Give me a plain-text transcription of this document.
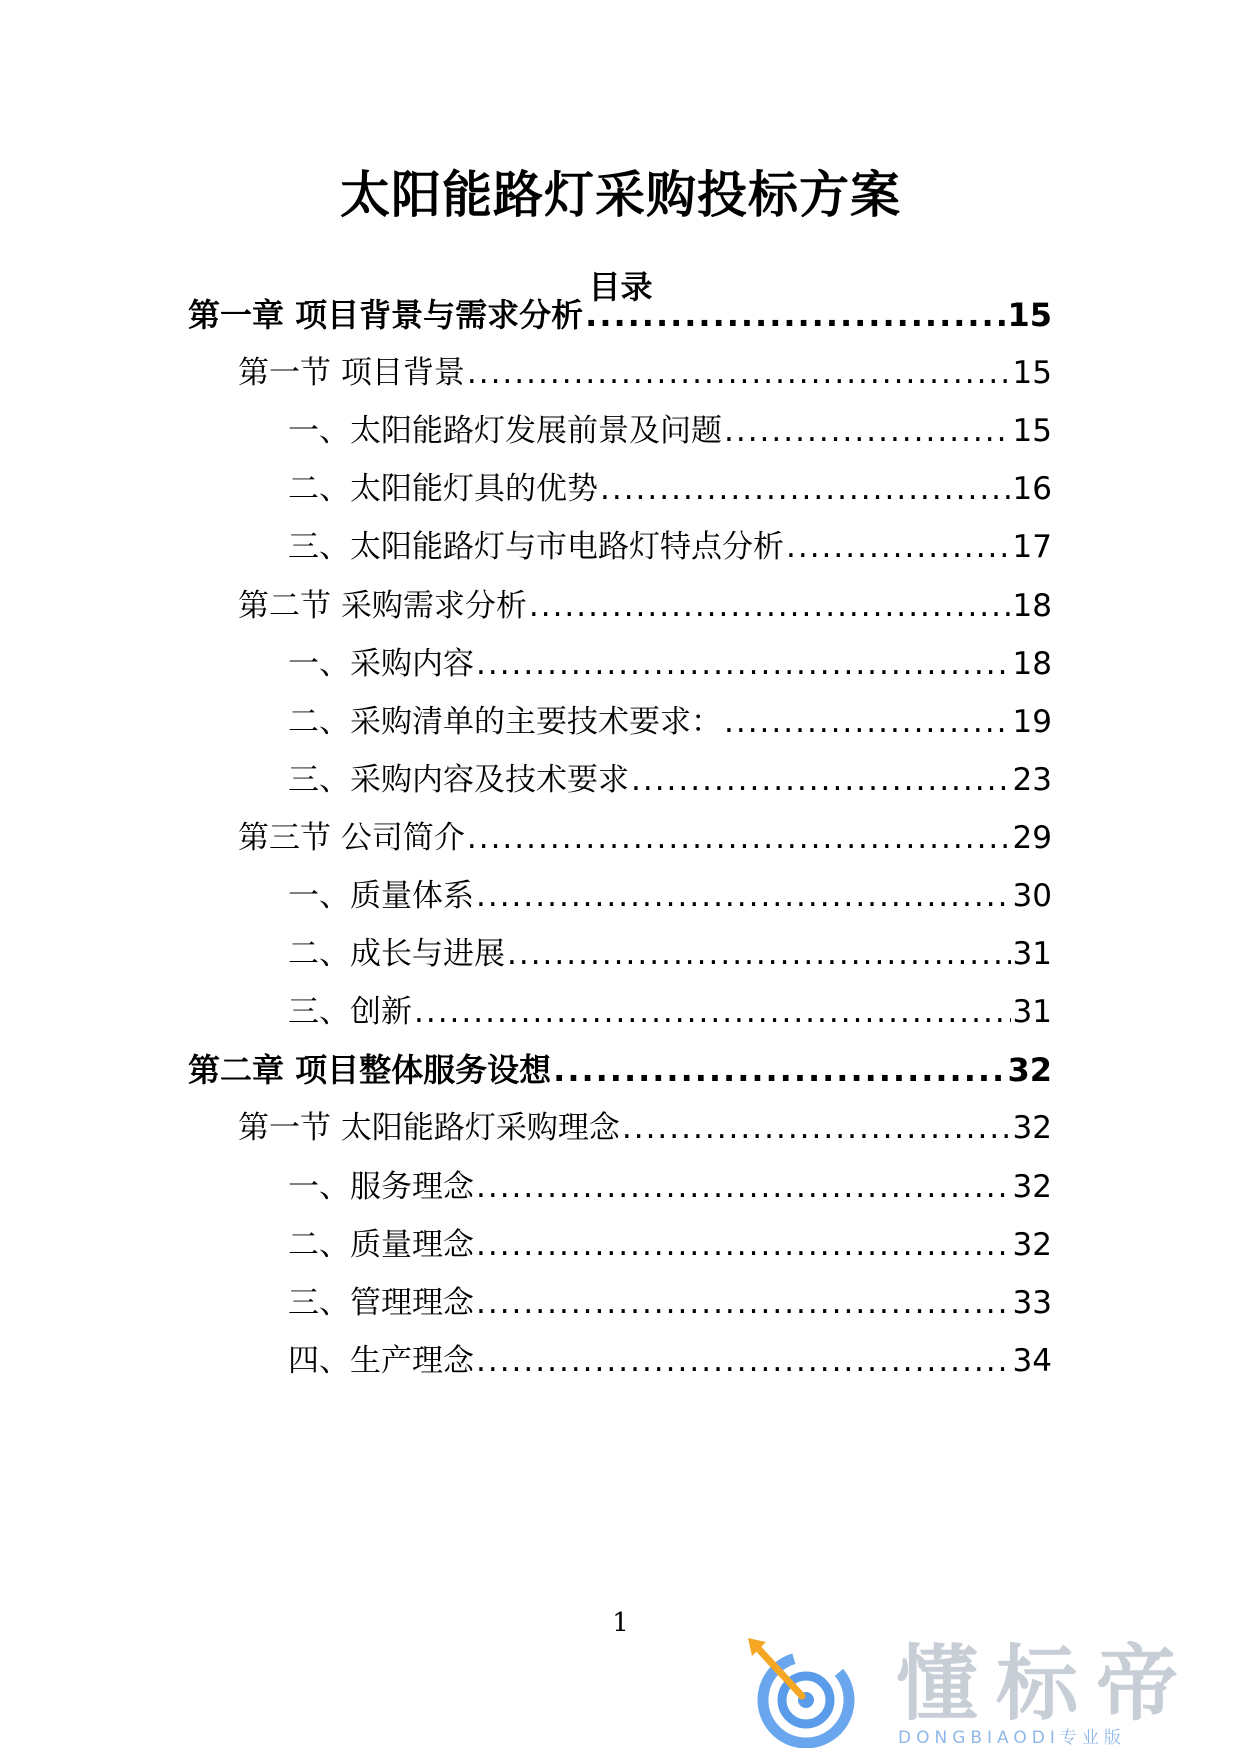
太阳能路灯采购投标方案
目录
第一章 项目背景与需求分析 .....	15
第一节 项目背景 .....	15
一、太阳能路灯发展前景及问题 .....	15
二、太阳能灯具的优势 .....	16
三、太阳能路灯与市电路灯特点分析 .....	17
第二节 采购需求分析 .....	18
一、采购内容 .....	18
二、采购清单的主要技术要求： .....	19
三、采购内容及技术要求 .....	23
第三节 公司简介 .....	29
一、质量体系 .....	30
二、成长与进展 .....	31
三、创新 .....	31
第二章 项目整体服务设想 .....	32
第一节 太阳能路灯采购理念 .....	32
一、服务理念 .....	32
二、质量理念 .....	32
三、管理理念 .....	33
四、生产理念 .....	34
1
懂标帝
DONGBIAODI专业版
